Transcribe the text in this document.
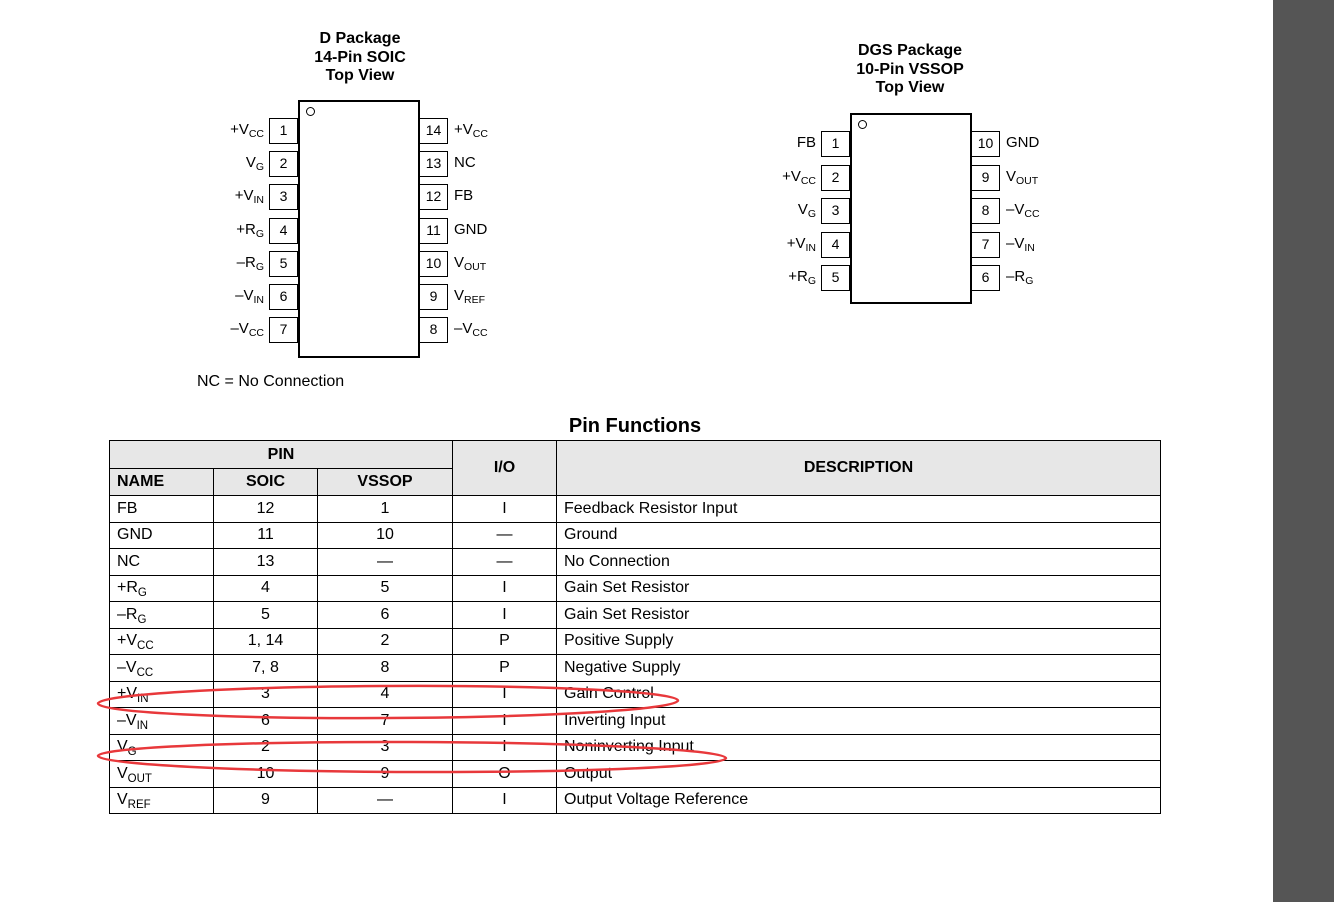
D Package
14-Pin SOIC
Top View
1
$+V_{CC}$
2
$V_G$
3
$+V_{IN}$
4
$+R_G$
5
$-R_G$
6
$-V_{IN}$
7
$-V_{CC}$
$14 +V_{CC}$
13 NC
12 FB
11 GND
10 $V_{OUT}$
9	$V_{REF}$
8	$-V_{CC}$
NC = No Connection
DGS Package
10-Pin VSSOP
Top View
1
FB
2
$+V_{CC}$
3
$V_G$
4
$+V_{IN}$
5
$+R_G$
10 GND
9	$V_{OUT}$
8	$-V_{CC}$
7	$-V_{IN}$
6	$-R_G$
Pin Functions
PIN			I/O	DESCRIPTION
NAME	SOIC	VSSOP		
FB	12	1	I	Feedback Resistor Input
GND	11	10	—	Ground
NC	13	—	—	No Connection
$+R_G$	4	5	I	Gain Set Resistor
$-R_G$	5	6	I	Gain Set Resistor
$+V_{CC}$	1, 14	2	P	Positive Supply
$-V_{CC}$	7, 8	8	P	Negative Supply
$+V_{IN}$	3	4	I	Gain Control
$-V_{IN}$	6	7	I	Inverting Input
$V_G$	2	3	I	Noninverting Input
$V_{OUT}$	10	9	O	Output
$V_{REF}$	9	—	I	Output Voltage Reference
